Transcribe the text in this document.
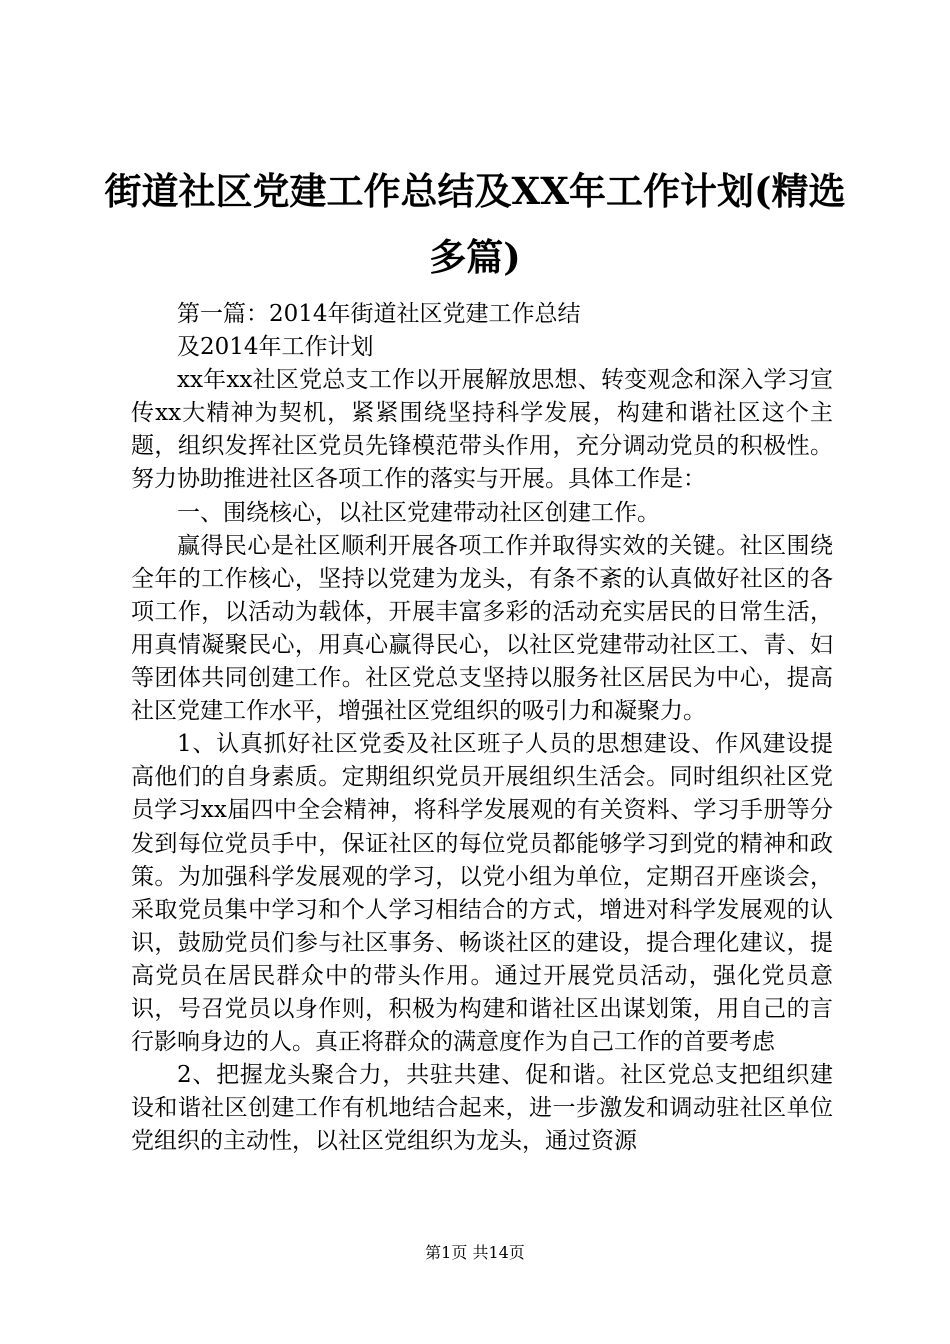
街道社区党建工作总结及XX年工作计划(精选多篇)

第一篇：2014年街道社区党建工作总结

及2014年工作计划

xx年xx社区党总支工作以开展解放思想、转变观念和深入学习宣传xx大精神为契机，紧紧围绕坚持科学发展，构建和谐社区这个主题，组织发挥社区党员先锋模范带头作用，充分调动党员的积极性。努力协助推进社区各项工作的落实与开展。具体工作是：

一、围绕核心，以社区党建带动社区创建工作。

赢得民心是社区顺利开展各项工作并取得实效的关键。社区围绕全年的工作核心，坚持以党建为龙头，有条不紊的认真做好社区的各项工作，以活动为载体，开展丰富多彩的活动充实居民的日常生活，用真情凝聚民心，用真心赢得民心，以社区党建带动社区工、青、妇等团体共同创建工作。社区党总支坚持以服务社区居民为中心，提高社区党建工作水平，增强社区党组织的吸引力和凝聚力。

1、认真抓好社区党委及社区班子人员的思想建设、作风建设提高他们的自身素质。定期组织党员开展组织生活会。同时组织社区党员学习xx届四中全会精神，将科学发展观的有关资料、学习手册等分发到每位党员手中，保证社区的每位党员都能够学习到党的精神和政策。为加强科学发展观的学习，以党小组为单位，定期召开座谈会，采取党员集中学习和个人学习相结合的方式，增进对科学发展观的认识，鼓励党员们参与社区事务、畅谈社区的建设，提合理化建议，提高党员在居民群众中的带头作用。通过开展党员活动，强化党员意识，号召党员以身作则，积极为构建和谐社区出谋划策，用自己的言行影响身边的人。真正将群众的满意度作为自己工作的首要考虑

2、把握龙头聚合力，共驻共建、促和谐。社区党总支把组织建设和谐社区创建工作有机地结合起来，进一步激发和调动驻社区单位党组织的主动性，以社区党组织为龙头，通过资源

第1页 共14页
